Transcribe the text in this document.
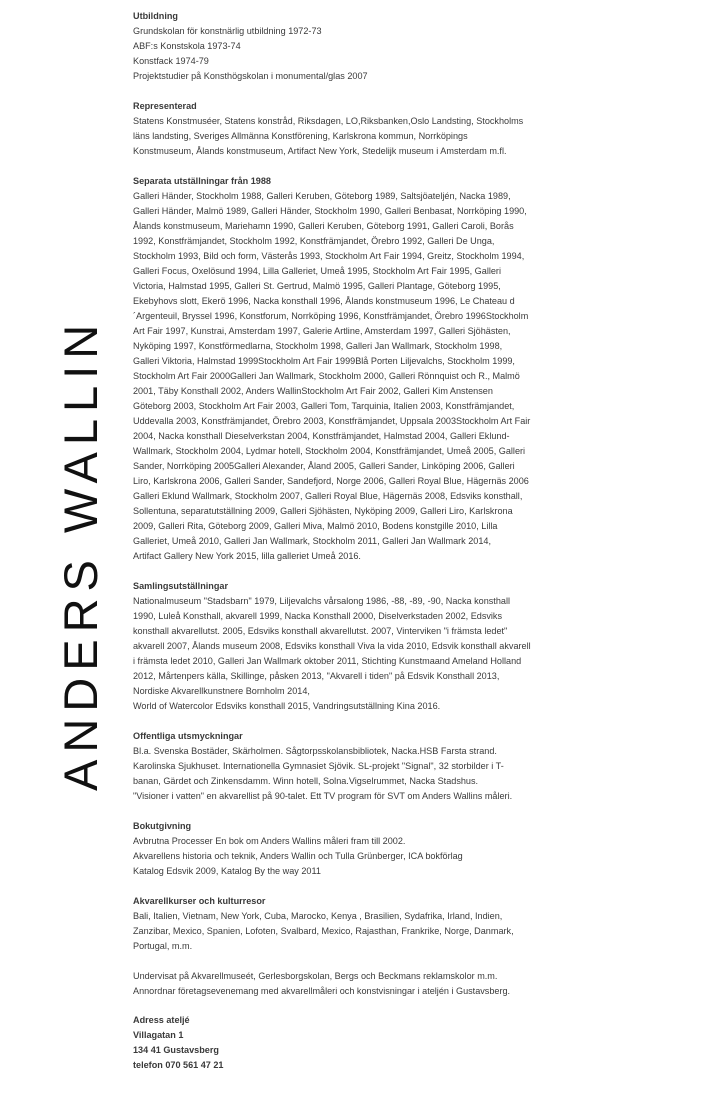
ANDERS WALLIN
Utbildning
Grundskolan för konstnärlig utbildning 1972-73
ABF:s Konstskola 1973-74
Konstfack 1974-79
Projektstudier på Konsthögskolan i monumental/glas 2007
Representerad
Statens Konstmuséer, Statens konstråd, Riksdagen, LO,Riksbanken,Oslo Landsting, Stockholms
läns landsting, Sveriges Allmänna Konstförening, Karlskrona kommun, Norrköpings
Konstmuseum, Ålands konstmuseum, Artifact New York, Stedelijk museum i Amsterdam m.fl.
Separata utställningar från 1988
Galleri Händer, Stockholm 1988, Galleri Keruben, Göteborg 1989, Saltsjöateljén, Nacka 1989,
Galleri Händer, Malmö 1989, Galleri Händer, Stockholm 1990, Galleri Benbasat, Norrköping 1990,
Ålands konstmuseum, Mariehamn 1990, Galleri Keruben, Göteborg 1991, Galleri Caroli, Borås
1992, Konstfrämjandet, Stockholm 1992, Konstfrämjandet, Örebro 1992, Galleri De Unga,
Stockholm 1993, Bild och form, Västerås 1993, Stockholm Art Fair 1994, Greitz, Stockholm 1994,
Galleri Focus, Oxelösund 1994, Lilla Galleriet, Umeå 1995, Stockholm Art Fair 1995, Galleri
Victoria, Halmstad 1995, Galleri St. Gertrud, Malmö 1995, Galleri Plantage, Göteborg 1995,
Ekebyhovs slott, Ekerö 1996, Nacka konsthall 1996, Ålands konstmuseum 1996, Le Chateau d
´Argenteuil, Bryssel 1996, Konstforum, Norrköping 1996, Konstfrämjandet, Örebro 1996Stockholm
Art Fair 1997, Kunstrai, Amsterdam 1997, Galerie Artline, Amsterdam 1997, Galleri Sjöhästen,
Nyköping 1997, Konstförmedlarna, Stockholm 1998, Galleri Jan Wallmark, Stockholm 1998,
Galleri Viktoria, Halmstad 1999Stockholm Art Fair 1999Blå Porten Liljevalchs, Stockholm 1999,
Stockholm Art Fair 2000Galleri Jan Wallmark, Stockholm 2000, Galleri Rönnquist och R., Malmö
2001, Täby Konsthall 2002, Anders WallinStockholm Art Fair 2002, Galleri Kim Anstensen
Göteborg 2003, Stockholm Art Fair 2003, Galleri Tom, Tarquinia, Italien 2003, Konstfrämjandet,
Uddevalla 2003, Konstfrämjandet, Örebro 2003, Konstfrämjandet, Uppsala 2003Stockholm Art Fair
2004, Nacka konsthall Dieselverkstan 2004, Konstfrämjandet, Halmstad 2004, Galleri Eklund-
Wallmark, Stockholm 2004, Lydmar hotell, Stockholm 2004, Konstfrämjandet, Umeå 2005, Galleri
Sander, Norrköping 2005Galleri Alexander, Åland 2005, Galleri Sander, Linköping 2006, Galleri
Liro, Karlskrona 2006, Galleri Sander, Sandefjord, Norge 2006, Galleri Royal Blue, Hägernäs 2006
Galleri Eklund Wallmark, Stockholm 2007, Galleri Royal Blue, Hägernäs 2008, Edsviks konsthall,
Sollentuna, separatutställning 2009, Galleri Sjöhästen, Nyköping 2009, Galleri Liro, Karlskrona
2009, Galleri Rita, Göteborg 2009, Galleri Miva, Malmö 2010, Bodens konstgille 2010, Lilla
Galleriet, Umeå 2010, Galleri Jan Wallmark, Stockholm 2011, Galleri Jan Wallmark 2014,
Artifact Gallery New York 2015, lilla galleriet Umeå 2016.
Samlingsutställningar
Nationalmuseum "Stadsbarn" 1979, Liljevalchs vårsalong 1986, -88, -89, -90, Nacka konsthall
1990, Luleå Konsthall, akvarell 1999, Nacka Konsthall 2000, Diselverkstaden 2002, Edsviks
konsthall akvarellutst. 2005, Edsviks konsthall akvarellutst. 2007, Vinterviken "i främsta ledet"
akvarell 2007, Ålands museum 2008, Edsviks konsthall Viva la vida 2010, Edsvik konsthall akvarell
i främsta ledet 2010, Galleri Jan Wallmark oktober 2011, Stichting Kunstmaand Ameland Holland
2012, Mårtenpers källa, Skillinge, påsken 2013, "Akvarell i tiden" på Edsvik Konsthall 2013,
Nordiske Akvarellkunstnere Bornholm 2014,
World of Watercolor Edsviks konsthall 2015, Vandringsutställning Kina 2016.
Offentliga utsmyckningar
Bl.a. Svenska Bostäder, Skärholmen. Sågtorpsskolansbibliotek, Nacka.HSB Farsta strand.
Karolinska Sjukhuset. Internationella Gymnasiet Sjövik. SL-projekt "Signal", 32 storbilder i T-
banan, Gärdet och Zinkensdamm. Winn hotell, Solna.Vigselrummet, Nacka Stadshus.
"Visioner i vatten" en akvarellist på 90-talet. Ett TV program för SVT om Anders Wallins måleri.
Bokutgivning
Avbrutna Processer En bok om Anders Wallins måleri fram till 2002.
Akvarellens historia och teknik, Anders Wallin och Tulla Grünberger, ICA bokförlag
Katalog Edsvik 2009, Katalog By the way 2011
Akvarellkurser och kulturresor
Bali, Italien, Vietnam, New York, Cuba, Marocko, Kenya , Brasilien, Sydafrika, Irland, Indien,
Zanzibar, Mexico, Spanien, Lofoten, Svalbard, Mexico, Rajasthan, Frankrike, Norge, Danmark,
Portugal, m.m.
Undervisat på Akvarellmuseét, Gerlesborgskolan, Bergs och Beckmans reklamskolor m.m.
Annordnar företagsevenemang med akvarellmåleri och konstvisningar i ateljén i Gustavsberg.
Adress ateljé
Villagatan 1
134 41 Gustavsberg
telefon 070 561 47 21
